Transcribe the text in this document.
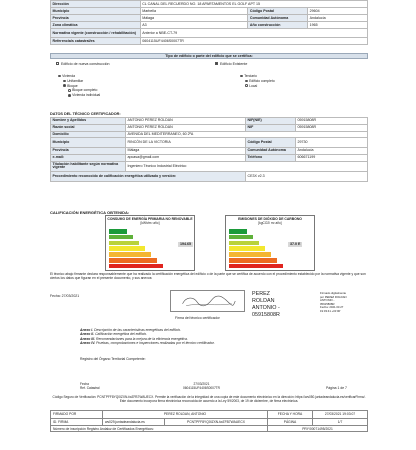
Dirección	CL CANAL DEL RECUERDO NO. 18 APARTAMENTOS EL GOLF APT 15		
Municipio	Marbella	Código Postal	29604
Provincia	Málaga	Comunidad Autónoma	Andalucía
Zona climática	A3	Año construcción	1965
Normativa vigente (construcción / rehabilitación)	Anterior a NBE-CT-79		
Referencia/s catastral/es	0604115UF4406S0007TR		
Tipo de edificio o parte del edificio que se certifica:
Edificio de nueva construcción	Edificio Existente
Vivienda
Unifamiliar
Bloque
Bloque completo
Vivienda individual
Terciario
Edificio completo
Local
DATOS DEL TÉCNICO CERTIFICADOR:
Nombre y Apellidos	ANTONIO PÉREZ ROLDÁN	NIF(NIE)	05915808R
Razón social	ANTONIO PÉREZ ROLDÁN	NIF	05915808R
Domicilio	AVENIDA DEL MEDITERRANEO, 60 2ºA		
Municipio	RINCÓN DE LA VICTORIA	Código Postal	29730
Provincia	Málaga	Comunidad Autónoma	Andalucía
e-mail:	apcasa@gmail.com	Teléfono	606671199
Titulación habilitante según normativa vigente	Ingeniero Técnico Industrial Eléctrico		
Procedimiento reconocido de calificación energética utilizado y versión:		CE3X v2.3	
CALIFICACIÓN ENERGÉTICA OBTENIDA:
CONSUMO DE ENERGÍA PRIMARIA NO RENOVABLE
[kWh/m² año]
194.65
EMISIONES DE DIÓXIDO DE CARBONO
[kgCO2/ m² año]
37.0 E
El técnico abajo firmante declara responsablemente que ha realizado la certificación energética del edificio o de la parte que se certifica de acuerdo con el procedimiento establecido por la normativa vigente y que son ciertos los datos que figuran en el presente documento, y sus anexos:
Fecha: 27/03/2021
Firma del técnico certificador
PEREZ
ROLDAN
ANTONIO -
05915808R
Firmado digitalmente
por PEREZ ROLDAN
ANTONIO -
05915808R
Fecha: 2021.03.27
19:03:41 +01'00'
Anexo I. Descripción de las características energéticas del edificio.
Anexo II. Calificación energética del edificio.
Anexo III. Recomendaciones para la mejora de la eficiencia energética.
Anexo IV. Pruebas, comprobaciones e inspecciones realizadas por el técnico certificador.
Registro del Órgano Territorial Competente:
Fecha
Ref. Catastral
27/03/2021
0604115UF4406S0007TR	Página 1 de 7
Código Seguro de Verificación: PCNTPFF8YQ0IZXN-fwZFB7WAUECX. Permite la verificación de la integridad de una copia de este documento electrónico en la dirección: https://ws050.juntadeandalucia.es/verificarFirma/. Este documento incorpora firma electrónica reconocida de acuerdo a la Ley 59/2003, de 19 de diciembre, de firma electrónica.
FIRMADO POR	PEREZ ROLDAN, ANTONIO		FECHA Y HORA	27/03/2021 19:03:07
ID. FIRMA	ws029.juntadeandalucia.es	PCNTPFF8YQ0IZXN-fwZFB7WAUECX	PÁGINA	1/7
Número de inscripción Registro Andaluz de Certificados Energéticos:			PRY/00071495/2021	
